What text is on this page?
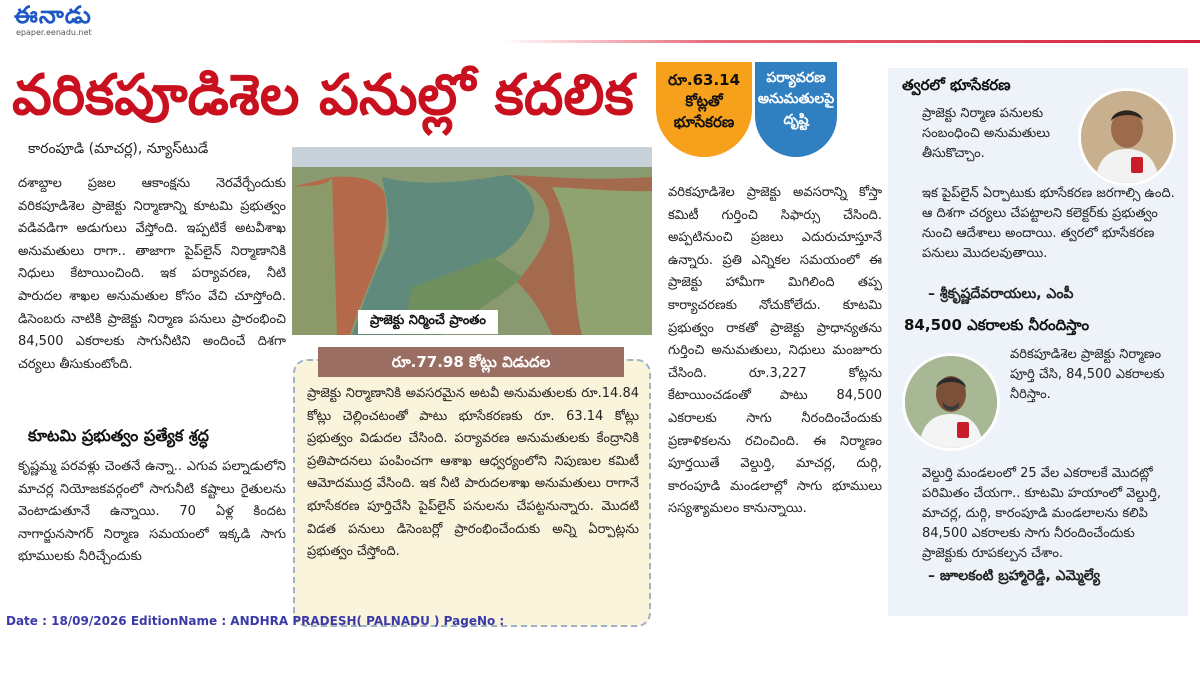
ఈనాడు
epaper.eenadu.net
వరికపూడిశెల పనుల్లో కదలిక
కారంపూడి (మాచర్ల), న్యూస్‌టుడే
దశాబ్దాల ప్రజల ఆకాంక్షను నెరవేర్చేందుకు వరికపూడిశెల ప్రాజెక్టు నిర్మాణాన్ని కూటమి ప్రభుత్వం వడివడిగా అడుగులు వేస్తోంది. ఇప్పటికే అటవీశాఖ అనుమతులు రాగా.. తాజాగా పైప్‌లైన్ నిర్మాణానికి నిధులు కేటాయించింది. ఇక పర్యావరణ, నీటి పారుదల శాఖల అనుమతుల కోసం వేచి చూస్తోంది. డిసెంబరు నాటికి ప్రాజెక్టు నిర్మాణ పనులు ప్రారంభించి 84,500 ఎకరాలకు సాగునీటిని అందించే దిశగా చర్యలు తీసుకుంటోంది.
కూటమి ప్రభుత్వం ప్రత్యేక శ్రద్ధ
కృష్ణమ్మ పరవళ్లు చెంతనే ఉన్నా.. ఎగువ పల్నాడులోని మాచర్ల నియోజకవర్గంలో సాగునీటి కష్టాలు రైతులను వెంటాడుతూనే ఉన్నాయి. 70 ఏళ్ల కిందట నాగార్జునసాగర్ నిర్మాణ సమయంలో ఇక్కడి సాగు భూములకు నీరిచ్చేందుకు
ప్రాజెక్టు నిర్మించే ప్రాంతం
రూ.77.98 కోట్లు విడుదల
ప్రాజెక్టు నిర్మాణానికి అవసరమైన అటవీ అనుమతులకు రూ.14.84 కోట్లు చెల్లించటంతో పాటు భూసేకరణకు రూ. 63.14 కోట్లు ప్రభుత్వం విడుదల చేసింది. పర్యావరణ అనుమతులకు కేంద్రానికి ప్రతిపాదనలు పంపించగా ఆశాఖ ఆధ్వర్యంలోని నిపుణుల కమిటీ ఆమోదముద్ర వేసింది. ఇక నీటి పారుదలశాఖ అనుమతులు రాగానే భూసేకరణ పూర్తిచేసి పైప్‌లైన్ పనులను చేపట్టనున్నారు. మొదటి విడత పనులు డిసెంబర్లో ప్రారంభించేందుకు అన్ని ఏర్పాట్లను ప్రభుత్వం చేస్తోంది.
రూ.63.14
కోట్లతో
భూసేకరణ
పర్యావరణ
అనుమతులపై
దృష్టి
వరికపూడిశెల ప్రాజెక్టు అవసరాన్ని కోస్తా కమిటీ గుర్తించి సిఫార్సు చేసింది. అప్పటినుంచి ప్రజలు ఎదురుచూస్తూనే ఉన్నారు. ప్రతి ఎన్నికల సమయంలో ఈ ప్రాజెక్టు హామీగా మిగిలింది తప్ప కార్యాచరణకు నోచుకోలేదు. కూటమి ప్రభుత్వం రాకతో ప్రాజెక్టు ప్రాధాన్యతను గుర్తించి అనుమతులు, నిధులు మంజూరు చేసింది. రూ.3,227 కోట్లను కేటాయించడంతో పాటు 84,500 ఎకరాలకు సాగు నీరందించేందుకు ప్రణాళికలను రచించింది. ఈ నిర్మాణం పూర్తయితే వెల్దుర్తి, మాచర్ల, దుర్గి, కారంపూడి మండలాల్లో సాగు భూములు సస్యశ్యామలం కానున్నాయి.
త్వరలో భూసేకరణ
ప్రాజెక్టు నిర్మాణ పనులకు సంబంధించి అనుమతులు తీసుకొచ్చాం.
ఇక పైప్‌లైన్ ఏర్పాటుకు భూసేకరణ జరగాల్సి ఉంది. ఆ దిశగా చర్యలు చేపట్టాలని కలెక్టర్‌కు ప్రభుత్వం నుంచి ఆదేశాలు అందాయి. త్వరలో భూసేకరణ పనులు మొదలవుతాయి.
– శ్రీకృష్ణదేవరాయలు, ఎంపీ
84,500 ఎకరాలకు నీరందిస్తాం
వరికపూడిశెల ప్రాజెక్టు నిర్మాణం పూర్తి చేసి, 84,500 ఎకరాలకు నీరిస్తాం.
వెల్దుర్తి మండలంలో 25 వేల ఎకరాలకే మొదట్లో పరిమితం చేయగా.. కూటమి హయాంలో వెల్దుర్తి, మాచర్ల, దుర్గి, కారంపూడి మండలాలను కలిపి 84,500 ఎకరాలకు సాగు నీరందించేందుకు ప్రాజెక్టుకు రూపకల్పన చేశాం.
– జూలకంటి బ్రహ్మారెడ్డి, ఎమ్మెల్యే
Date : 18/09/2026 EditionName : ANDHRA PRADESH( PALNADU ) PageNo :
